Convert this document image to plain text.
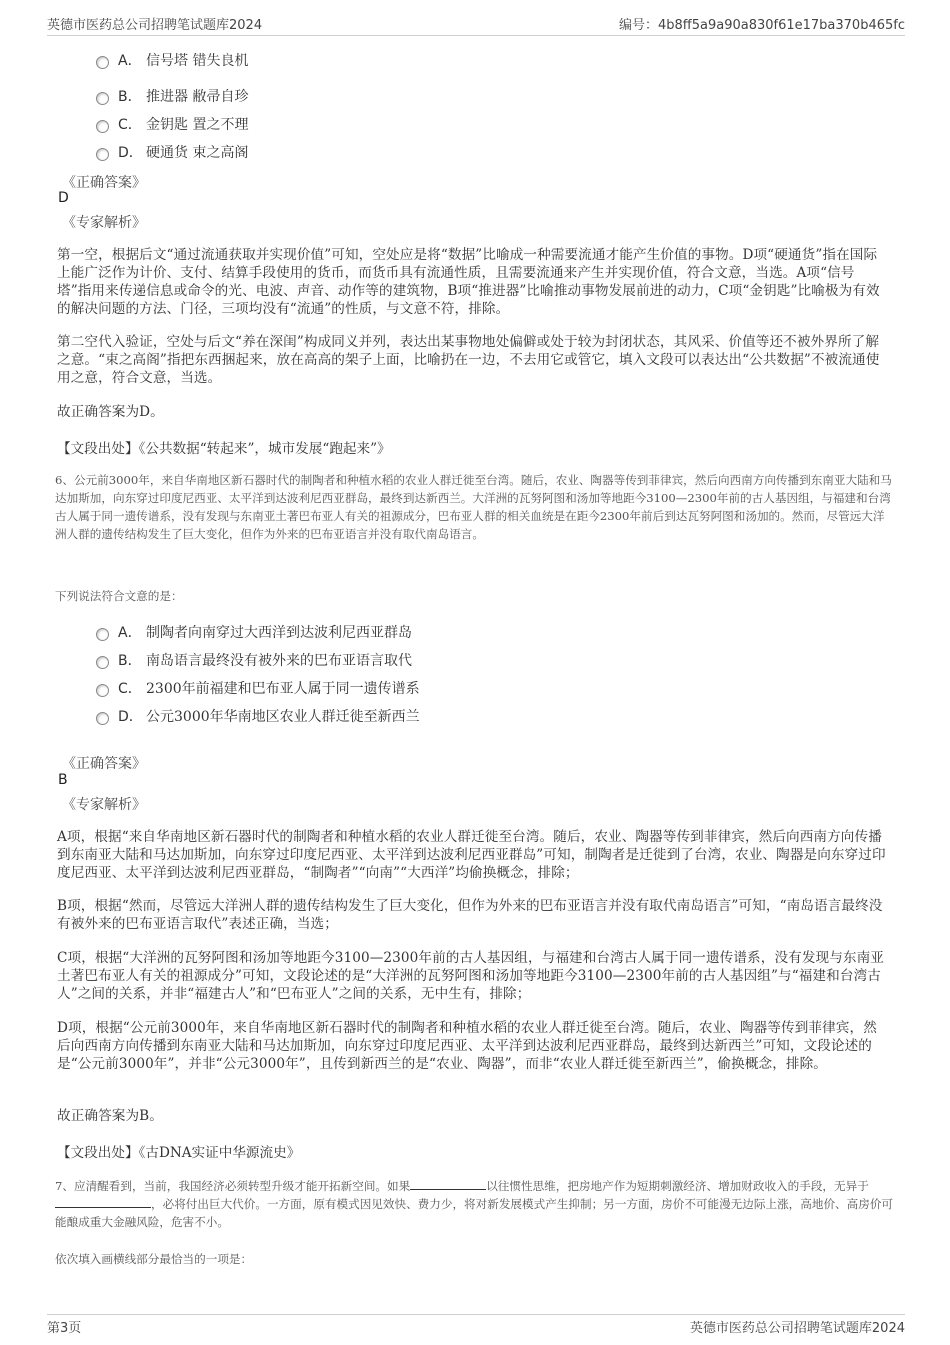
英德市医药总公司招聘笔试题库2024	编号：4b8ff5a9a90a830f61e17ba370b465fc
A． 信号塔 错失良机
B． 推进器 敝帚自珍
C． 金钥匙 置之不理
D． 硬通货 束之高阁
《正确答案》
D
《专家解析》
第一空，根据后文“通过流通获取并实现价值”可知，空处应是将“数据”比喻成一种需要流通才能产生价值的事物。D项“硬通货”指在国际上能广泛作为计价、支付、结算手段使用的货币，而货币具有流通性质，且需要流通来产生并实现价值，符合文意，当选。A项“信号塔”指用来传递信息或命令的光、电波、声音、动作等的建筑物，B项“推进器”比喻推动事物发展前进的动力，C项“金钥匙”比喻极为有效的解决问题的方法、门径，三项均没有“流通”的性质，与文意不符，排除。
第二空代入验证，空处与后文“养在深闺”构成同义并列，表达出某事物地处偏僻或处于较为封闭状态，其风采、价值等还不被外界所了解之意。“束之高阁”指把东西捆起来，放在高高的架子上面，比喻扔在一边，不去用它或管它，填入文段可以表达出“公共数据”不被流通使用之意，符合文意，当选。
故正确答案为D。
【文段出处】《公共数据“转起来”，城市发展“跑起来”》
6、公元前3000年，来自华南地区新石器时代的制陶者和种植水稻的农业人群迁徙至台湾。随后，农业、陶器等传到菲律宾，然后向西南方向传播到东南亚大陆和马达加斯加，向东穿过印度尼西亚、太平洋到达波利尼西亚群岛，最终到达新西兰。大洋洲的瓦努阿图和汤加等地距今3100—2300年前的古人基因组，与福建和台湾古人属于同一遗传谱系，没有发现与东南亚土著巴布亚人有关的祖源成分，巴布亚人群的相关血统是在距今2300年前后到达瓦努阿图和汤加的。然而，尽管远大洋洲人群的遗传结构发生了巨大变化，但作为外来的巴布亚语言并没有取代南岛语言。
下列说法符合文意的是：
A． 制陶者向南穿过大西洋到达波利尼西亚群岛
B． 南岛语言最终没有被外来的巴布亚语言取代
C． 2300年前福建和巴布亚人属于同一遗传谱系
D． 公元3000年华南地区农业人群迁徙至新西兰
《正确答案》
B
《专家解析》
A项，根据“来自华南地区新石器时代的制陶者和种植水稻的农业人群迁徙至台湾。随后，农业、陶器等传到菲律宾，然后向西南方向传播到东南亚大陆和马达加斯加，向东穿过印度尼西亚、太平洋到达波利尼西亚群岛”可知，制陶者是迁徙到了台湾，农业、陶器是向东穿过印度尼西亚、太平洋到达波利尼西亚群岛，“制陶者”“向南”“大西洋”均偷换概念，排除；
B项，根据“然而，尽管远大洋洲人群的遗传结构发生了巨大变化，但作为外来的巴布亚语言并没有取代南岛语言”可知，“南岛语言最终没有被外来的巴布亚语言取代”表述正确，当选；
C项，根据“大洋洲的瓦努阿图和汤加等地距今3100—2300年前的古人基因组，与福建和台湾古人属于同一遗传谱系，没有发现与东南亚土著巴布亚人有关的祖源成分”可知，文段论述的是“大洋洲的瓦努阿图和汤加等地距今3100—2300年前的古人基因组”与“福建和台湾古人”之间的关系，并非“福建古人”和“巴布亚人”之间的关系，无中生有，排除；
D项，根据“公元前3000年，来自华南地区新石器时代的制陶者和种植水稻的农业人群迁徙至台湾。随后，农业、陶器等传到菲律宾，然后向西南方向传播到东南亚大陆和马达加斯加，向东穿过印度尼西亚、太平洋到达波利尼西亚群岛，最终到达新西兰”可知，文段论述的是“公元前3000年”，并非“公元3000年”，且传到新西兰的是“农业、陶器”，而非“农业人群迁徙至新西兰”，偷换概念，排除。
故正确答案为B。
【文段出处】《古DNA实证中华源流史》
7、应清醒看到，当前，我国经济必须转型升级才能开拓新空间。如果	以往惯性思维，把房地产作为短期刺激经济、增加财政收入的手段，无异于，必将付出巨大代价。一方面，原有模式因见效快、费力少，将对新发展模式产生抑制；另一方面，房价不可能漫无边际上涨，高地价、高房价可能酿成重大金融风险，危害不小。
依次填入画横线部分最恰当的一项是：
第3页	英德市医药总公司招聘笔试题库2024
